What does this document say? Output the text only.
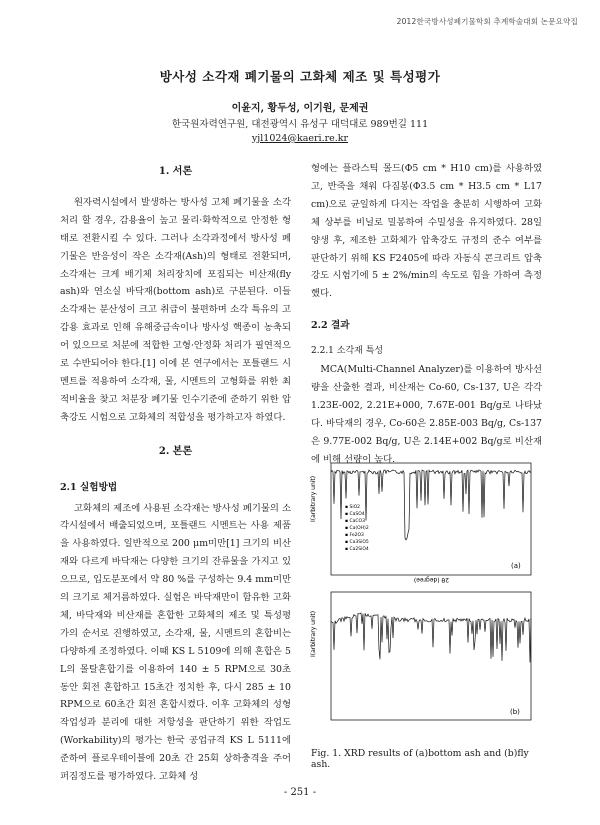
2012한국방사성폐기물학회 추계학술대회 논문요약집
방사성 소각재 폐기물의 고화체 제조 및 특성평가
이윤지, 황두성, 이기원, 문제권
한국원자력연구원, 대전광역시 유성구 대덕대로 989번길 111
yjl1024@kaeri.re.kr
1. 서론

원자력시설에서 발생하는 방사성 고체 폐기물을 소각처리 할 경우, 감용율이 높고 물리·화학적으로 안정한 형태로 전환시킬 수 있다. 그러나 소각과정에서 방사성 폐기물은 반응성이 작은 소각재(Ash)의 형태로 전환되며, 소각재는 크게 배기체 처리장치에 포집되는 비산재(fly ash)와 연소실 바닥재(bottom ash)로 구분된다. 이들 소각재는 분산성이 크고 취급이 불편하며 소각 특유의 고감용 효과로 인해 유해중금속이나 방사성 핵종이 농축되어 있으므로 처분에 적합한 고형·안정화 처리가 필연적으로 수반되어야 한다.[1] 이에 본 연구에서는 포틀랜드 시멘트를 적용하여 소각재, 물, 시멘트의 고형화를 위한 최적비율을 찾고 처분장 폐기물 인수기준에 준하기 위한 압축강도 시험으로 고화체의 적합성을 평가하고자 하였다.

2. 본론
2.1 실험방법

고화체의 제조에 사용된 소각재는 방사성 폐기물의 소각시설에서 배출되었으며, 포틀랜드 시멘트는 사용 제품을 사용하였다. 일반적으로 200 μm미만[1] 크기의 비산재와 다르게 바닥재는 다양한 크기의 잔류물을 가지고 있으므로, 입도분포에서 약 80 %를 구성하는 9.4 mm미만의 크기로 체거름하였다. 실험은 바닥재만이 함유한 고화체, 바닥재와 비산재를 혼합한 고화체의 제조 및 특성평가의 순서로 진행하였고, 소각재, 물, 시멘트의 혼합비는 다양하게 조정하였다. 이때 KS L 5109에 의해 혼합은 5 L의 몰탈혼합기를 이용하여 140 ± 5 RPM으로 30초 동안 회전 혼합하고 15초간 정치한 후, 다시 285 ± 10 RPM으로 60초간 회전 혼합시켰다. 이후 고화체의 성형작업성과 분리에 대한 저항성을 판단하기 위한 작업도(Workability)의 평가는 한국 공업규격 KS L 5111에 준하여 플로우테이블에 20초 간 25회 상하충격을 주어 퍼짐정도를 평가하였다. 고화체 성

형에는 플라스틱 몰드(Φ5 cm * H10 cm)를 사용하였고, 반죽을 채워 다짐봉(Φ3.5 cm * H3.5 cm * L17 cm)으로 균일하게 다지는 작업을 충분히 시행하여 고화체 상부를 비닐로 밀봉하여 수밀성을 유지하였다. 28일 양생 후, 제조한 고화체가 압축강도 규정의 준수 여부를 판단하기 위해 KS F2405에 따라 자동식 콘크리트 압축강도 시험기에 5 ± 2%/min의 속도로 힘을 가하여 측정했다.

2.2 결과
2.2.1 소각재 특성

MCA(Multi-Channel Analyzer)를 이용하여 방사선량을 산출한 결과, 비산재는 Co-60, Cs-137, U은 각각 1.23E-002, 2.21E+000, 7.67E-001 Bq/g로 나타났다. 바닥재의 경우, Co-60은 2.85E-003 Bq/g, Cs-137은 9.77E-002 Bq/g, U은 2.14E+002 Bq/g로 비산재에 비해 선량이 높다.

I(arbitrary unit)
(a)
2θ (degree)
▪ SiO2
▪ CaSO4
▪ CaCO3
▪ Ca(OH)2
▪ Fe2O3
▪ Ca3SiO5
▪ Ca2SiO4
I(arbitrary unit)
(b)
Fig. 1. XRD results of (a)bottom ash and (b)fly ash.
- 251 -
